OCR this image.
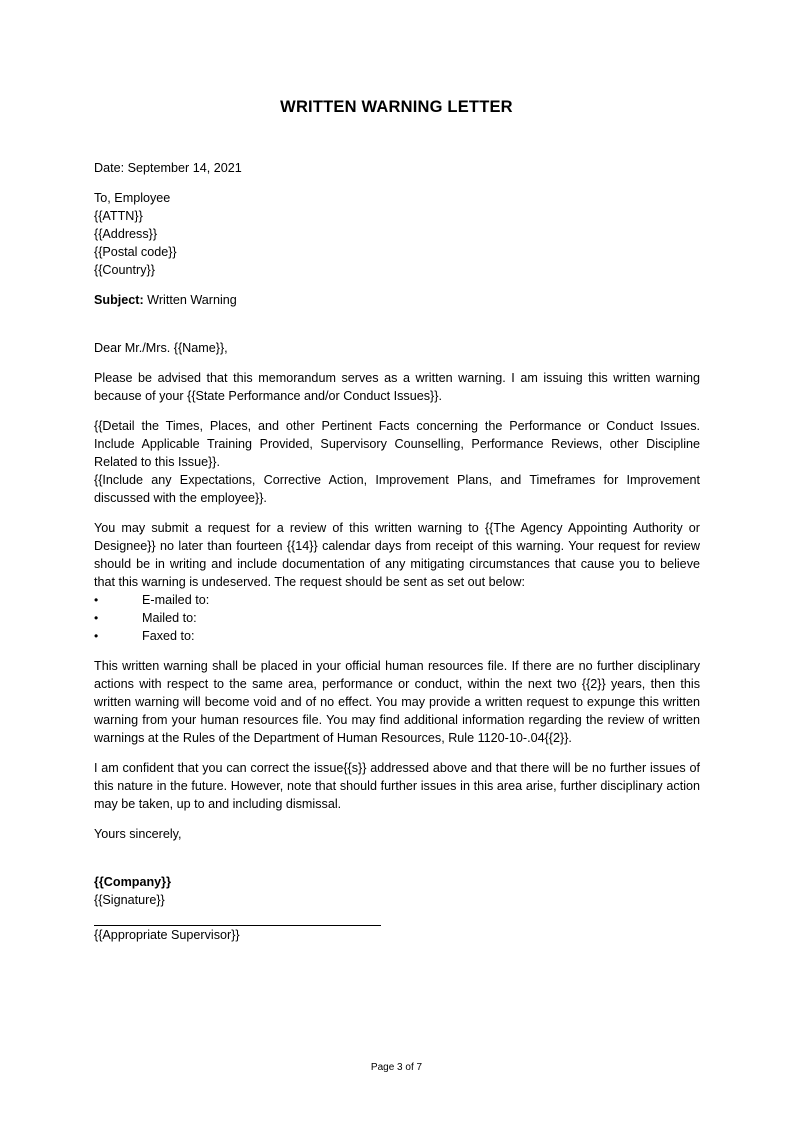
WRITTEN WARNING LETTER

Date: September 14, 2021

To, Employee

{{ATTN}}

{{Address}}

{{Postal code}}

{{Country}}

Subject: Written Warning

Dear Mr./Mrs. {{Name}},

Please be advised that this memorandum serves as a written warning. I am issuing this written warning because of your {{State Performance and/or Conduct Issues}}.

{{Detail the Times, Places, and other Pertinent Facts concerning the Performance or Conduct Issues. Include Applicable Training Provided, Supervisory Counselling, Performance Reviews, other Discipline Related to this Issue}}.

{{Include any Expectations, Corrective Action, Improvement Plans, and Timeframes for Improvement discussed with the employee}}.

You may submit a request for a review of this written warning to {{The Agency Appointing Authority or Designee}} no later than fourteen {{14}} calendar days from receipt of this warning. Your request for review should be in writing and include documentation of any mitigating circumstances that cause you to believe that this warning is undeserved. The request should be sent as set out below:

•	E-mailed to:
•	Mailed to:
•	Faxed to:

This written warning shall be placed in your official human resources file. If there are no further disciplinary actions with respect to the same area, performance or conduct, within the next two {{2}} years, then this written warning will become void and of no effect. You may provide a written request to expunge this written warning from your human resources file. You may find additional information regarding the review of written warnings at the Rules of the Department of Human Resources, Rule 1120-10-.04{{2}}.

I am confident that you can correct the issue{{s}} addressed above and that there will be no further issues of this nature in the future. However, note that should further issues in this area arise, further disciplinary action may be taken, up to and including dismissal.

Yours sincerely,

{{Company}}

{{Signature}}

{{Appropriate Supervisor}}

Page 3 of 7
